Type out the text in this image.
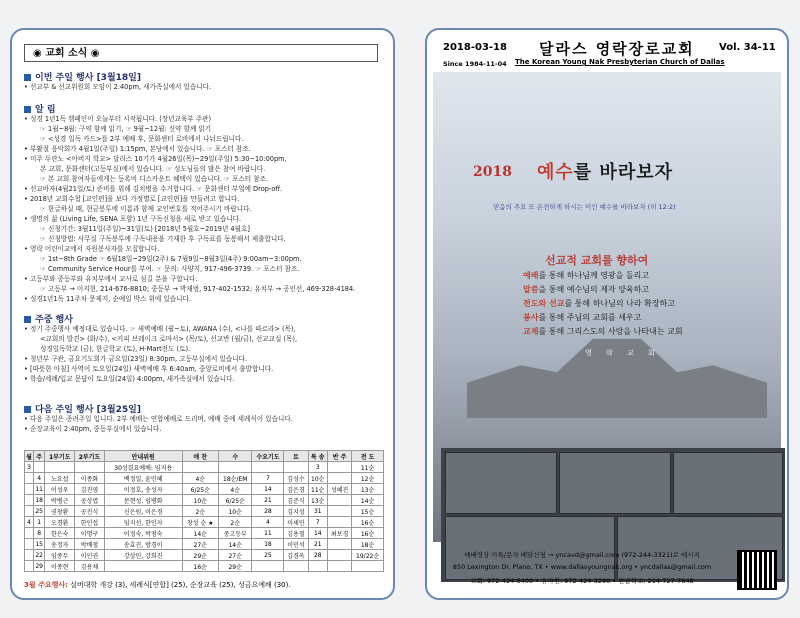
◉ 교회 소식 ◉
이번 주일 행사 [3월18일]
• 선교부 & 선교위원회 모임이 2:40pm, 새가족실에서 있습니다.
알 림
• 성경 1년1독 캠페인이 오늘부터 시작됩니다. (장년교육부 주관)
☞ 1월~8월: 구약 함께 읽기, ☞ 9월~12월: 신약 함께 읽기
☞ <성경 일독 카드>를 2부 예배 후, 문화센터 로비에서 나눠드립니다.
• 부활절 음악회가 4월1일(주일) 1:15pm, 본당에서 있습니다. ☞ 포스터 참조.
• 미주 두란노 <아버지 학교> 달라스 10기가 4월26일(목)~29일(주일) 5:30~10:00pm,
본 교회, 문화센터(고등부실)에서 있습니다. ☞ 성도님들의 많은 참여 바랍니다.
☞ 본 교회 참여자들에게는 등록비 디스카운트 혜택이 있습니다. ☞ 포스터 참조.
• 선교바자(4월21일/토) 준비를 위해 김치병을 수거합니다. ☞ 문화센터 부엌에 Drop-off.
• 2018년 교회수첩 [교인편]을 보다 가정별로 [교인편]을 만들려고 합니다.
☞ 한글하실 때, 현금봉투에 이름과 함께 교인번호를 적어주시기 바랍니다.
• 생명의 삶 (Living Life, SENA 포함) 1년 구독신청을 새로 받고 있습니다.
☞ 신청기간: 3월11일(주일)~31일(토) [2018년 5월호~2019년 4월호]
☞ 신청방법: 사무실 구독봉투에 구독내용을 기재한 후 구독료를 동봉해서 제출합니다.
• 영락 어린이교에서 자원봉사자를 모집합니다.
☞ 1st~8th Grade ☞ 6월18일~29일(2주) & 7월9일~8월3일(4주) 9:00am~3:00pm.
☞ Community Service Hour를 부여. ☞ 문의: 사양지, 917-496-3739. ☞ 포스터 참조.
• 고등부와 중등부와 유치부에서 교사로 섬길 분을 구합니다.
☞ 고등부 → 이지현, 214-676-8810; 중등부 → 박재범, 917-402-1532; 유치부 → 공인선, 469-328-4184.
• 성경1년1독 11주차 문제지, 순예일 박스 위에 있습니다.
주중 행사
• 정기 주중행사 예정대로 있습니다. ☞ 새벽예배 (월~토), AWANA (수), <나를 따르라> (목),
<교회의 발견> (화/수), <커피 브레이크 로마서> (목/토), 선교반 (월/금), 선교교실 (목),
성경일독학교 (금), 한글학교 (토), H-Mart전도 (토).
• 청년부 구관, 금요기도회가 금요일(23일) 8:30pm, 고등부실에서 있습니다.
• [따뜻한 아침] 사역이 토요일(24일) 새벽예배 후 6:40am, 중앙로비에서 출발합니다.
• 학습/세례/입교 문답이 토요일(24일) 4:00pm, 새가족실에서 있습니다.
다음 주일 행사 [3월25일]
• 다음 주일은 종려주일 입니다. 2부 예배는 연합예배로 드리며, 예배 중에 세례식이 있습니다.
• 순장교육이 2:40pm, 중등부실에서 있습니다.
월	주	1부기도	2부기도	안내위원	애 찬	수	수요기도	토	특 송	반 주	전 도
3				30성결요예배: 임지용					3		11순
	4	노요섭	이종화	백정일, 윤민혜	4순	18순/EM	7	김성수	10순		12순
	11	이성우	김진영	이정호, 송성자	6/25순	4순	14	김은경	11순	성혜진	13순
	18	박병근	공상엽	문현성, 임병화	10순	6/25순	21	김준식	13순		14순
	25	권창환	공진식	신은원, 이은경	2순	10순	28	김지성	31		15순
4	1	오경환	한인섭	임지선, 한인자	창성 순 ★	2순	4	이세민	7		16순
	8	한은숙	이명구	이정숙, 박점숙	14순	중고등부	11	김용철	14	최보경	16순
	15	송정자	박배철	송효진, 방경이	27순	14순	18	이민석	21		18순
	22	임종두	이인권	강상민, 강희진	29순	27순	25	김경옥	28		19/22순
	29	이종현	김용채		16순	29순					
3월 주요행사: 실버대학 개강 (3), 세례식[연합] (25), 순장교육 (25), 성금요예배 (30).
2018-03-18
Since 1984-11-04
달라스 영락장로교회
The Korean Young Nak Presbyterian Church of Dallas
Vol. 34-11
2018 예수를 바라보자
믿음의 주요 또 온전하게 하시는 이인 예수를 바라보자 (히 12:2)
선교적 교회를 향하여
예배를 통해 하나님께 영광을 돌리고
말씀을 통해 예수님의 제자 양육하고
전도와 선교를 통해 하나님의 나라 확장하고
봉사를 통해 주님의 교회를 세우고
교제를 통해 그리스도의 사랑을 나타내는 교회
영 락 교 회
예배영상 카톡/문자 배달신청 → yncavd@gmail.com (972-244-3321)로 메시지
850 Lexington Dr. Plano, TX • www.dallasyoungnak.org • yncdallas@gmail.com
교회: 972-424-5400 • 유아원: 972-424-3290 • 한글학교: 214-727-7648
